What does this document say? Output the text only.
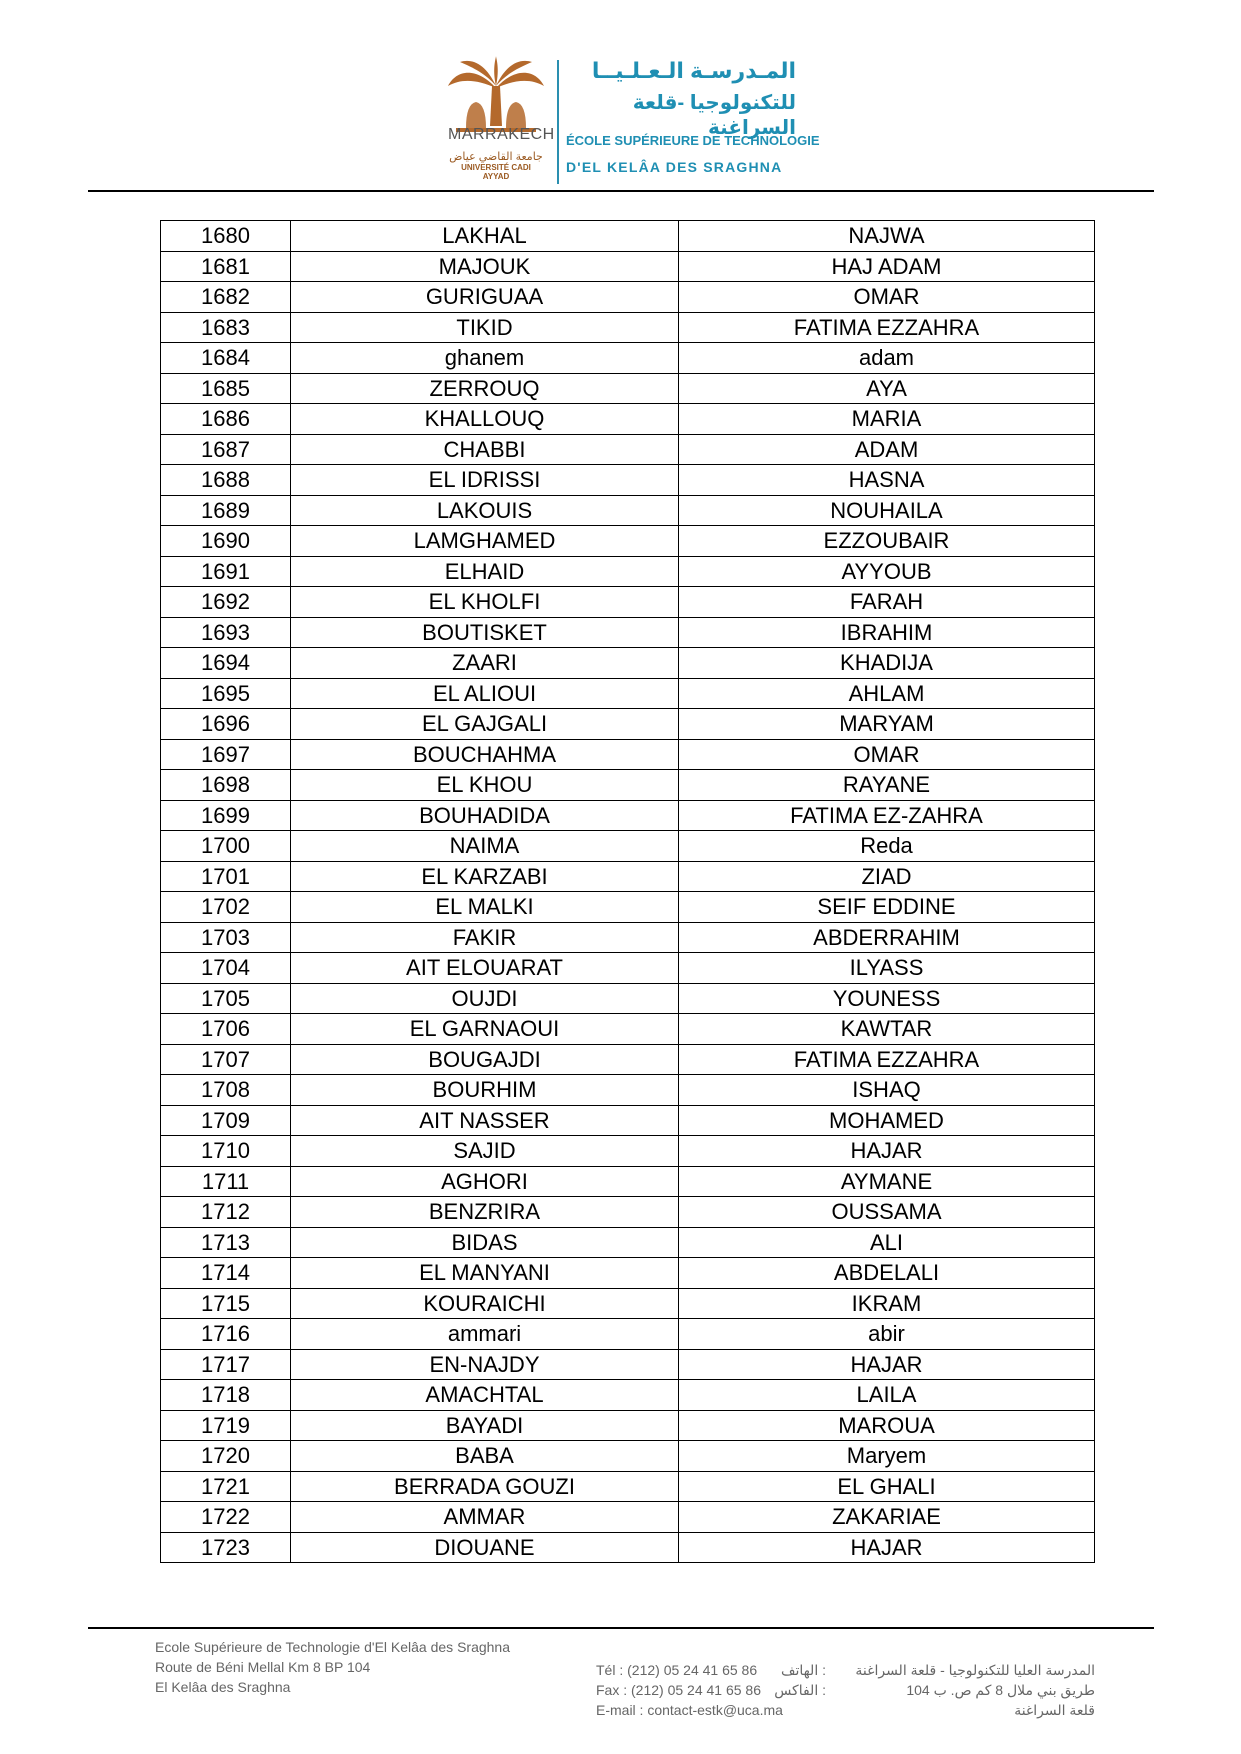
MARRAKECH
جامعة القاضي عياض
UNIVERSITÉ CADI AYYAD
المـدرسـة الـعـلـيــا
للتكنولوجيا -قلعة السراغنة
ÉCOLE SUPÉRIEURE DE TECHNOLOGIE
D'EL KELÂA DES SRAGHNA
1680	LAKHAL	NAJWA
1681	MAJOUK	HAJ ADAM
1682	GURIGUAA	OMAR
1683	TIKID	FATIMA EZZAHRA
1684	ghanem	adam
1685	ZERROUQ	AYA
1686	KHALLOUQ	MARIA
1687	CHABBI	ADAM
1688	EL IDRISSI	HASNA
1689	LAKOUIS	NOUHAILA
1690	LAMGHAMED	EZZOUBAIR
1691	ELHAID	AYYOUB
1692	EL KHOLFI	FARAH
1693	BOUTISKET	IBRAHIM
1694	ZAARI	KHADIJA
1695	EL ALIOUI	AHLAM
1696	EL GAJGALI	MARYAM
1697	BOUCHAHMA	OMAR
1698	EL KHOU	RAYANE
1699	BOUHADIDA	FATIMA EZ-ZAHRA
1700	NAIMA	Reda
1701	EL KARZABI	ZIAD
1702	EL MALKI	SEIF EDDINE
1703	FAKIR	ABDERRAHIM
1704	AIT ELOUARAT	ILYASS
1705	OUJDI	YOUNESS
1706	EL GARNAOUI	KAWTAR
1707	BOUGAJDI	FATIMA EZZAHRA
1708	BOURHIM	ISHAQ
1709	AIT NASSER	MOHAMED
1710	SAJID	HAJAR
1711	AGHORI	AYMANE
1712	BENZRIRA	OUSSAMA
1713	BIDAS	ALI
1714	EL MANYANI	ABDELALI
1715	KOURAICHI	IKRAM
1716	ammari	abir
1717	EN-NAJDY	HAJAR
1718	AMACHTAL	LAILA
1719	BAYADI	MAROUA
1720	BABA	Maryem
1721	BERRADA GOUZI	EL GHALI
1722	AMMAR	ZAKARIAE
1723	DIOUANE	HAJAR
Ecole Supérieure de Technologie d'El Kelâa des Sraghna
Route de Béni Mellal Km 8 BP 104
El Kelâa des Sraghna
Tél : (212) 05 24 41 65 86 الهاتف :
Fax : (212) 05 24 41 65 86 الفاكس :
E-mail : contact-estk@uca.ma
المدرسة العليا للتكنولوجيا - قلعة السراغنة
طريق بني ملال 8 كم ص. ب 104
قلعة السراغنة
